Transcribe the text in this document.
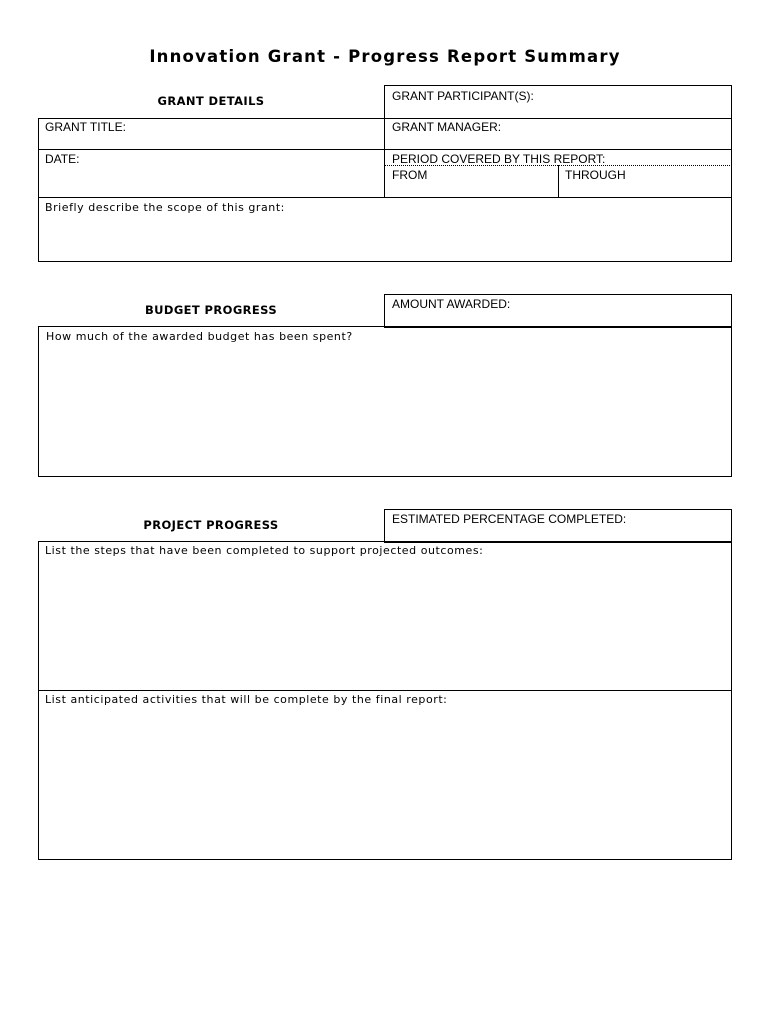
Innovation Grant - Progress Report Summary
GRANT DETAILS	GRANT PARTICIPANT(S):
GRANT TITLE:	GRANT MANAGER:
DATE:	PERIOD COVERED BY THIS REPORT:
FROM	THROUGH
Briefly describe the scope of this grant:
BUDGET PROGRESS	AMOUNT AWARDED:
How much of the awarded budget has been spent?
PROJECT PROGRESS	ESTIMATED PERCENTAGE COMPLETED:
List the steps that have been completed to support projected outcomes:
List anticipated activities that will be complete by the final report:
